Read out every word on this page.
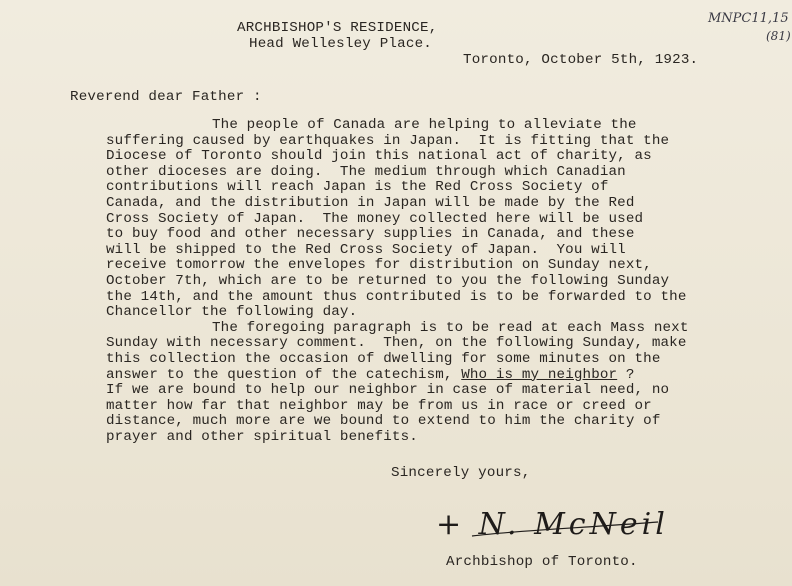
MNPC11,15
(81)
ARCHBISHOP'S RESIDENCE,
Head Wellesley Place.
Toronto, October 5th, 1923.
Reverend dear Father :
The people of Canada are helping to alleviate the
suffering caused by earthquakes in Japan.  It is fitting that the
Diocese of Toronto should join this national act of charity, as
other dioceses are doing.  The medium through which Canadian
contributions will reach Japan is the Red Cross Society of
Canada, and the distribution in Japan will be made by the Red
Cross Society of Japan.  The money collected here will be used
to buy food and other necessary supplies in Canada, and these
will be shipped to the Red Cross Society of Japan.  You will
receive tomorrow the envelopes for distribution on Sunday next,
October 7th, which are to be returned to you the following Sunday
the 14th, and the amount thus contributed is to be forwarded to the
Chancellor the following day.
The foregoing paragraph is to be read at each Mass next
Sunday with necessary comment.  Then, on the following Sunday, make
this collection the occasion of dwelling for some minutes on the
answer to the question of the catechism, Who is my neighbor ?
If we are bound to help our neighbor in case of material need, no
matter how far that neighbor may be from us in race or creed or
distance, much more are we bound to extend to him the charity of
prayer and other spiritual benefits.
Sincerely yours,
+ N. McNeil
Archbishop of Toronto.
